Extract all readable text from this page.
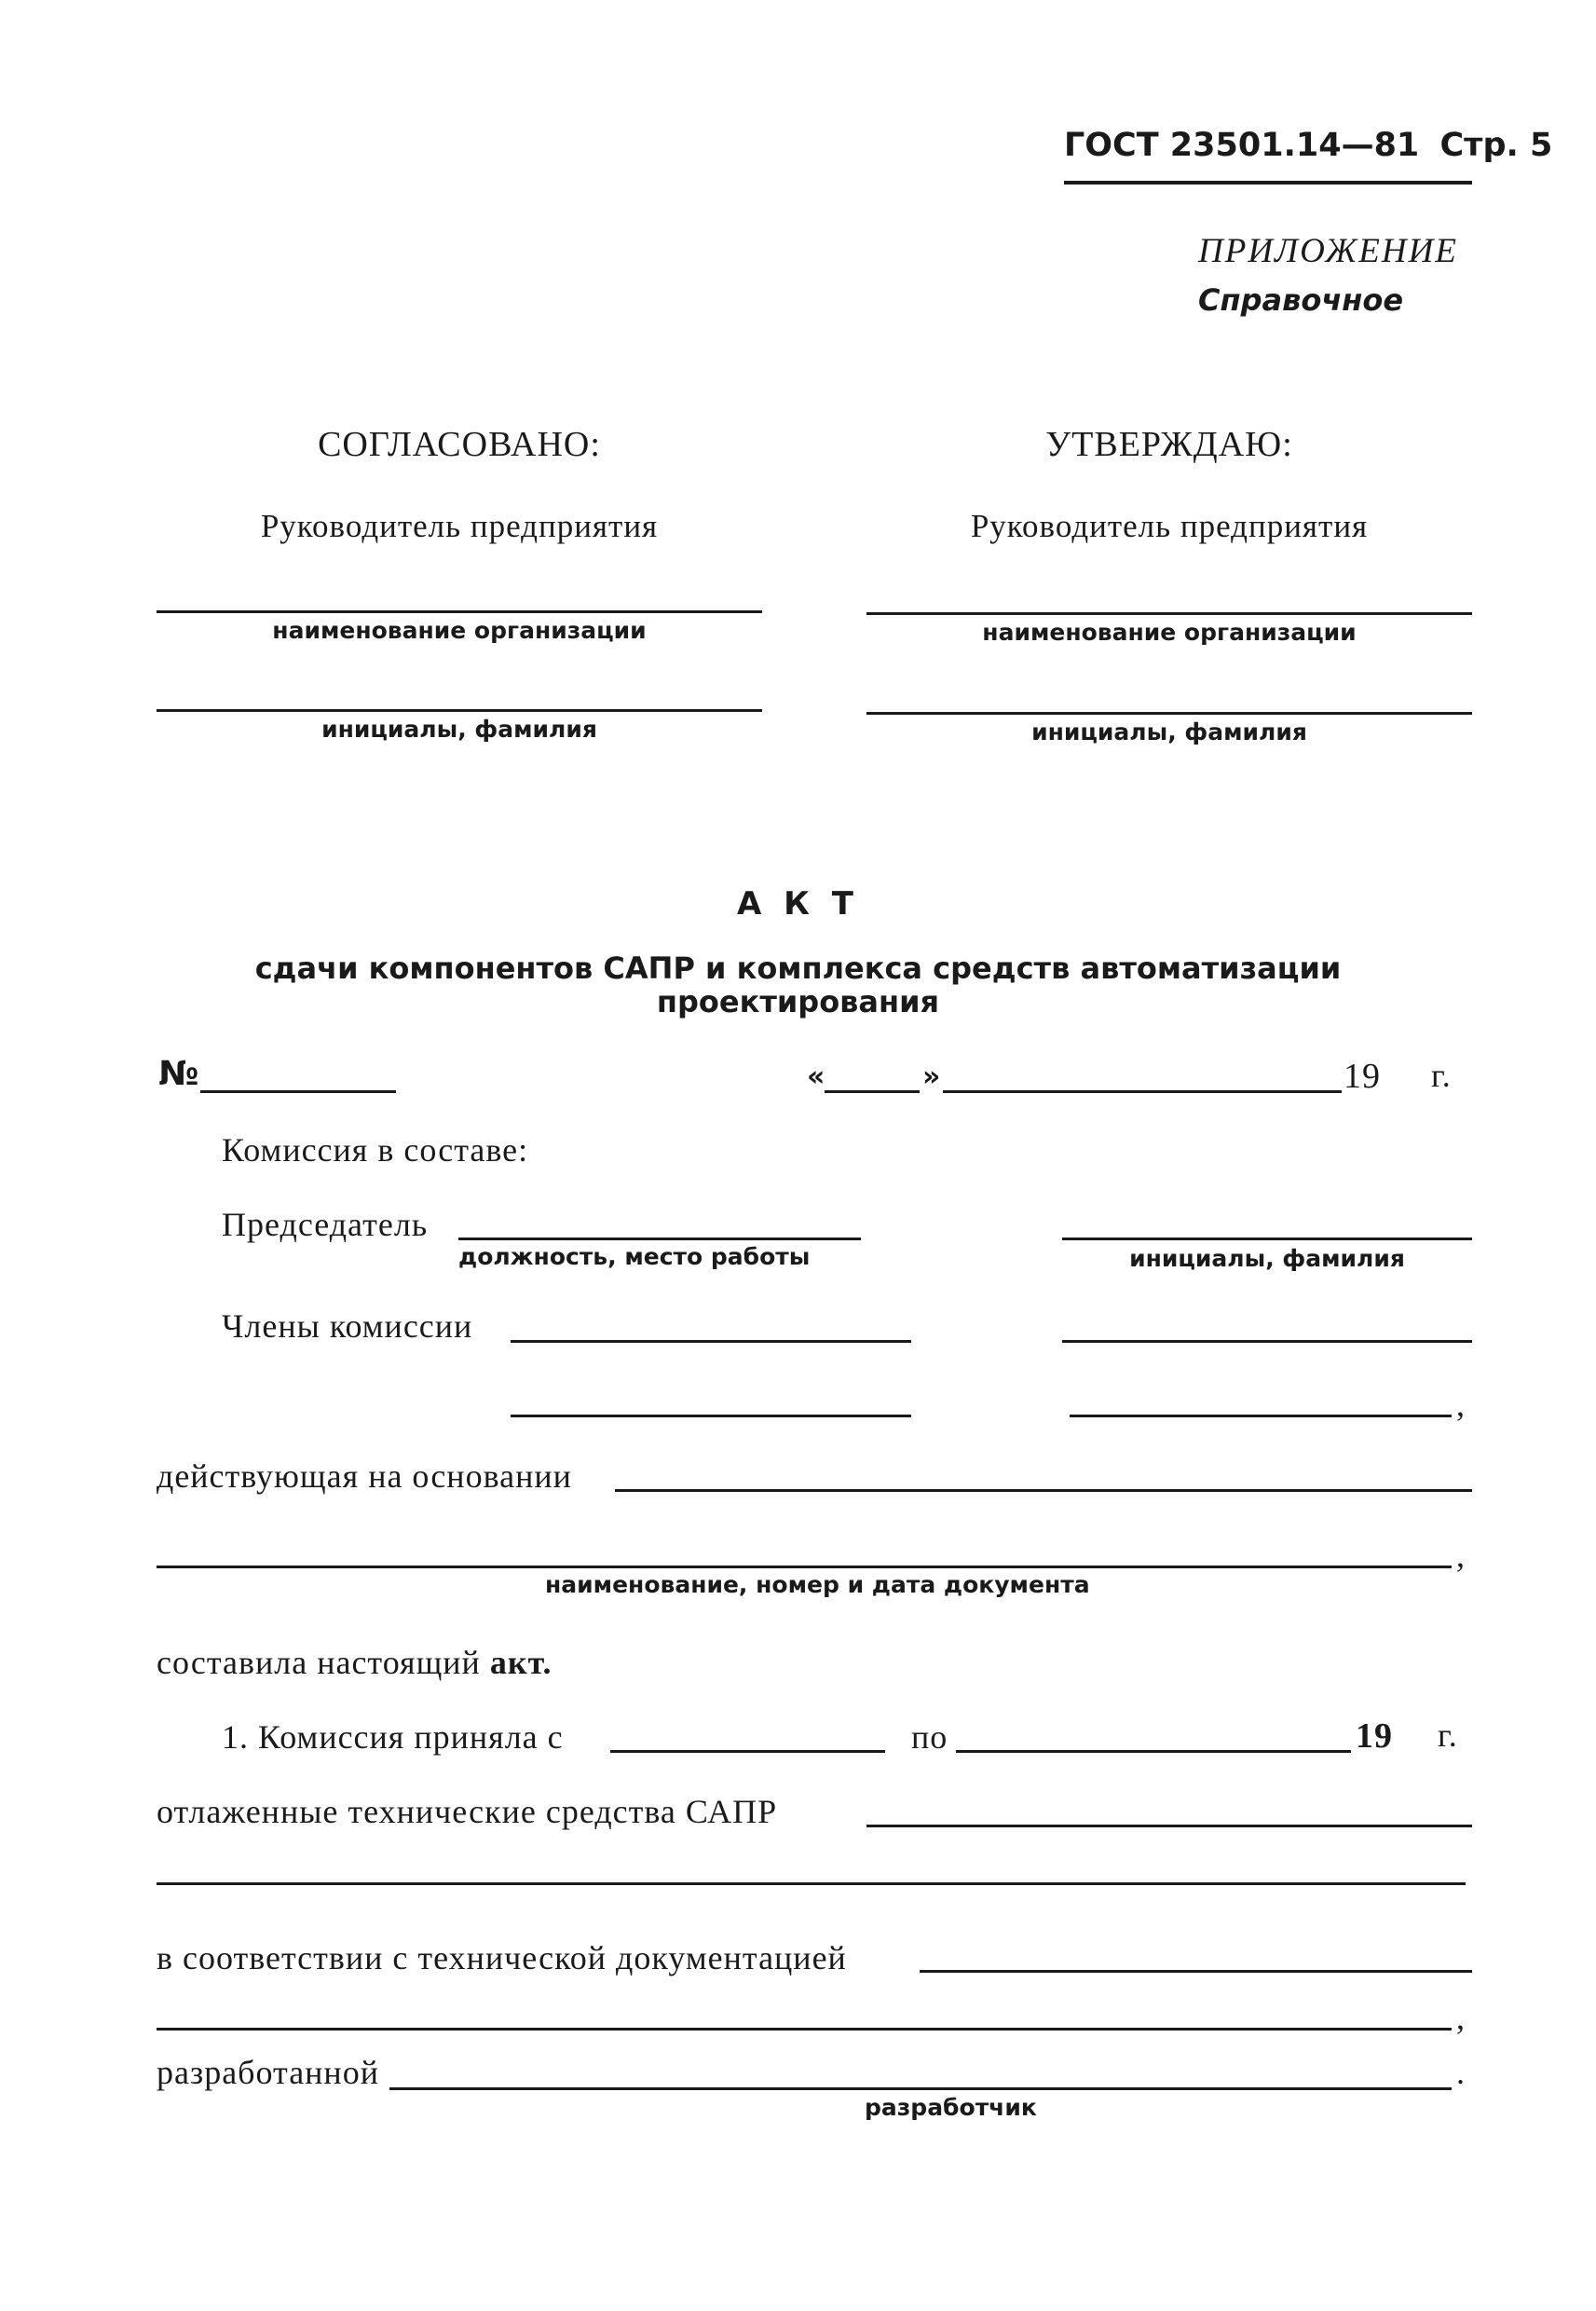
ГОСТ 23501.14—81 Стр. 5
ПРИЛОЖЕНИЕ
Справочное
СОГЛАСОВАНО:	УТВЕРЖДАЮ:
Руководитель предприятия	Руководитель предприятия
наименование организации	наименование организации
инициалы, фамилия	инициалы, фамилия
А К Т
сдачи компонентов САПР и комплекса средств автоматизации
проектирования
№	«	»	19 г.
Комиссия в составе:
Председатель
должность, место работы	инициалы, фамилия
Члены комиссии
,
действующая на основании
,
наименование, номер и дата документа
составила настоящий акт.
1. Комиссия приняла с	по	19 г.
отлаженные технические средства САПР
в соответствии с технической документацией
,
разработанной	.
разработчик
